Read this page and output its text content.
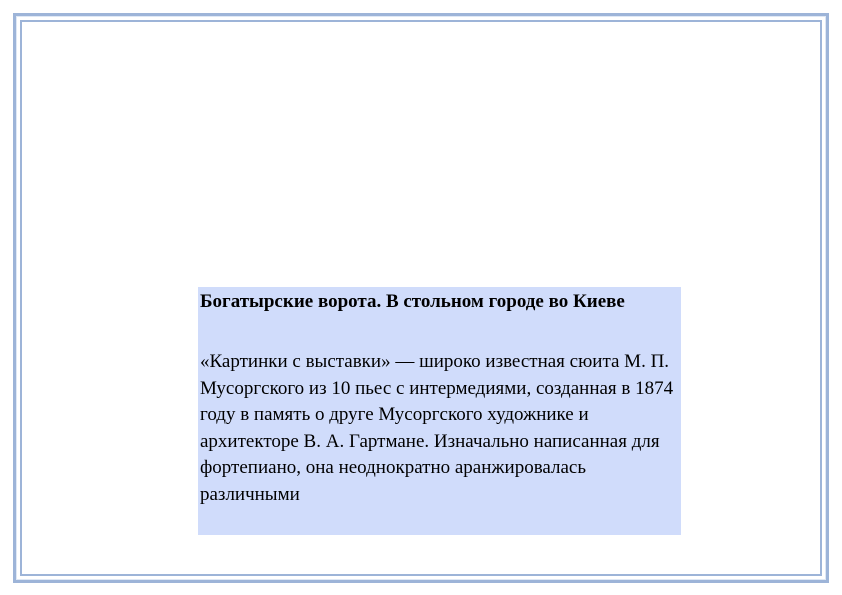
Богатырские ворота. В стольном городе во Киеве

«Картинки с выставки» — широко известная сюита М. П. Мусоргского из 10 пьес с интермедиями, созданная в 1874 году в память о друге Мусоргского художнике и архитекторе В. А. Гартмане. Изначально написанная для фортепиано, она неоднократно аранжировалась различными
